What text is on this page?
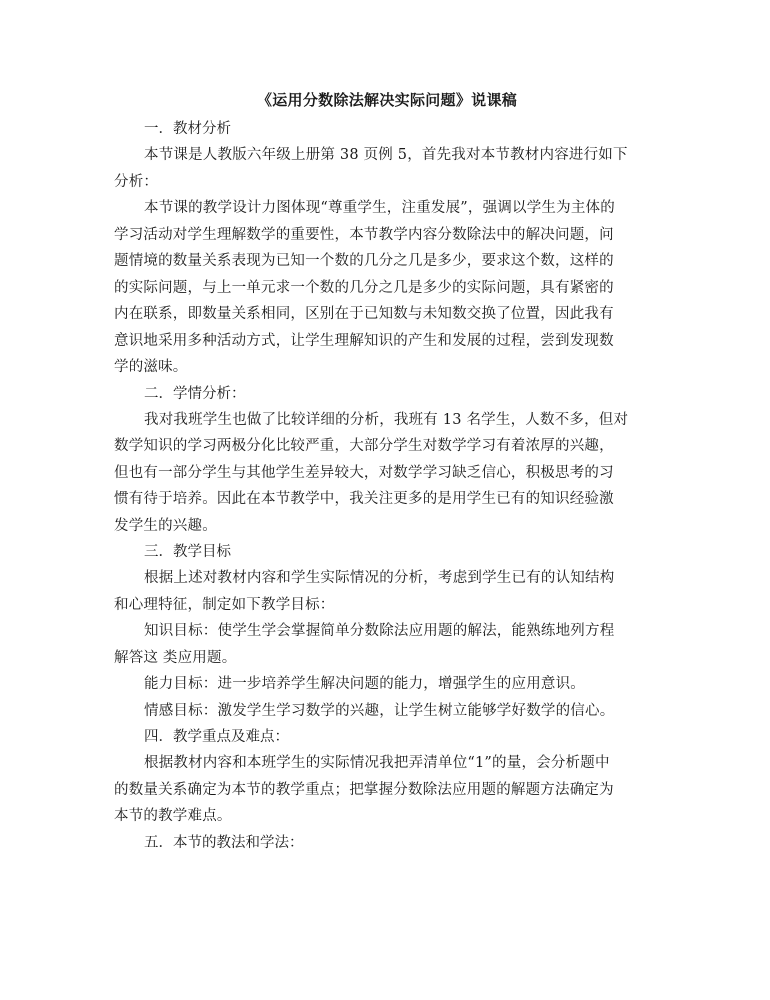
《运用分数除法解决实际问题》说课稿

一．教材分析

本节课是人教版六年级上册第 38 页例 5，首先我对本节教材内容进行如下
分析：

本节课的教学设计力图体现“尊重学生，注重发展”，强调以学生为主体的
学习活动对学生理解数学的重要性，本节教学内容分数除法中的解决问题，问
题情境的数量关系表现为已知一个数的几分之几是多少，要求这个数，这样的
的实际问题，与上一单元求一个数的几分之几是多少的实际问题，具有紧密的
内在联系，即数量关系相同，区别在于已知数与未知数交换了位置，因此我有
意识地采用多种活动方式，让学生理解知识的产生和发展的过程，尝到发现数
学的滋味。

二．学情分析：

我对我班学生也做了比较详细的分析，我班有 13 名学生，人数不多，但对
数学知识的学习两极分化比较严重，大部分学生对数学学习有着浓厚的兴趣，
但也有一部分学生与其他学生差异较大，对数学学习缺乏信心，积极思考的习
惯有待于培养。因此在本节教学中，我关注更多的是用学生已有的知识经验激
发学生的兴趣。

三．教学目标

根据上述对教材内容和学生实际情况的分析，考虑到学生已有的认知结构
和心理特征，制定如下教学目标：

知识目标：使学生学会掌握简单分数除法应用题的解法，能熟练地列方程
解答这 类应用题。

能力目标：进一步培养学生解决问题的能力，增强学生的应用意识。

情感目标：激发学生学习数学的兴趣，让学生树立能够学好数学的信心。

四．教学重点及难点：

根据教材内容和本班学生的实际情况我把弄清单位“1”的量，会分析题中
的数量关系确定为本节的教学重点；把掌握分数除法应用题的解题方法确定为
本节的教学难点。

五．本节的教法和学法：
